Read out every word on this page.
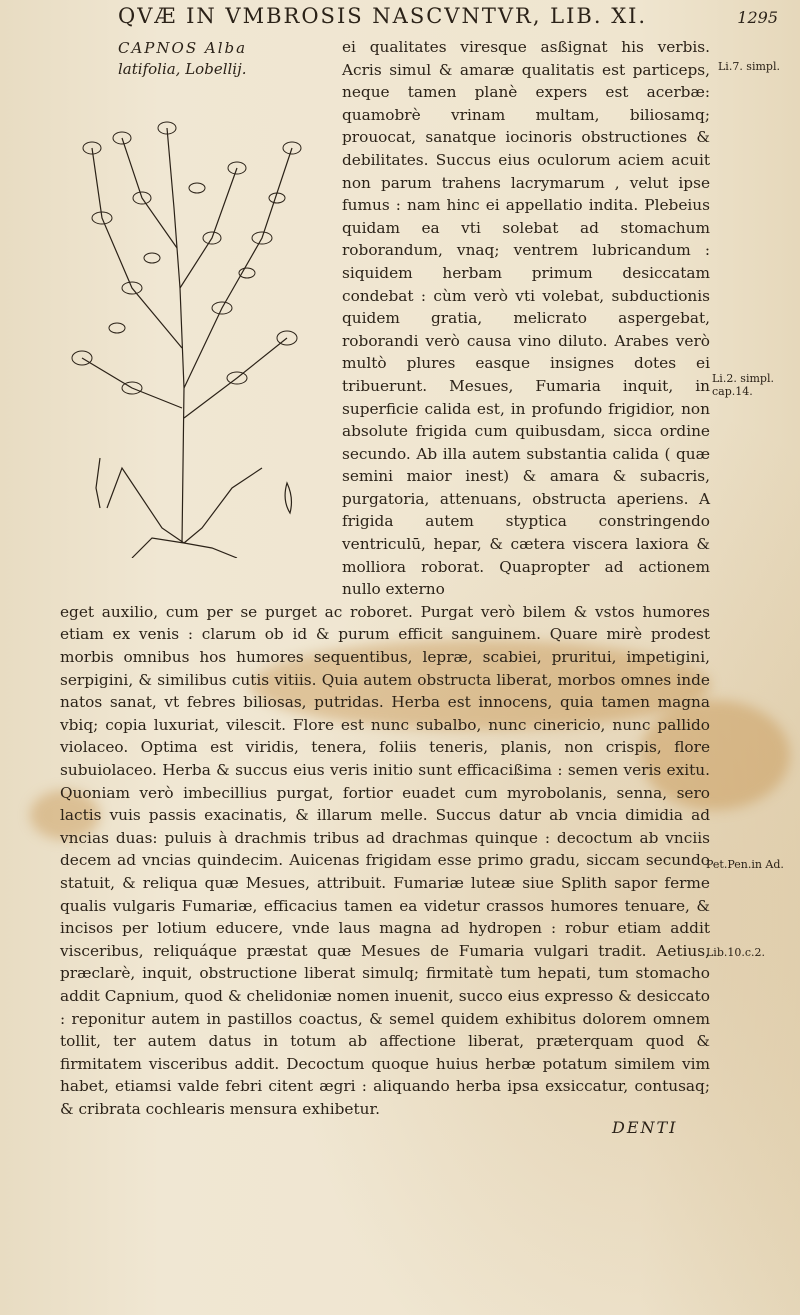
QVÆ IN VMBROSIS NASCVNTVR, LIB. XI.	1295
CAPNOS Alba
latifolia, Lobellij.

ei qualitates viresque asßignat his verbis. Acris simul & amaræ qualitatis est particeps, neque tamen planè expers est acerbæ: quamobrè vrinam multam, biliosamq; prouocat, sanatque iocinoris obstructiones & debilitates. Succus eius oculorum aciem acuit non parum trahens lacrymarum , velut ipse fumus : nam hinc ei appellatio indita. Plebeius quidam ea vti solebat ad stomachum roborandum, vnaq; ventrem lubricandum : siquidem herbam primum desiccatam condebat : cùm verò vti volebat, subductionis quidem gratia, melicrato aspergebat, roborandi verò causa vino diluto. Arabes verò multò plures easque insignes dotes ei tribuerunt. Mesues, Fumaria inquit, in superficie calida est, in profundo frigidior, non absolute frigida cum quibusdam, sicca ordine secundo. Ab illa autem substantia calida ( quæ semini maior inest) & amara & subacris, purgatoria, attenuans, obstructa aperiens. A frigida autem styptica constringendo ventriculū, hepar, & cætera viscera laxiora & molliora roborat. Quapropter ad actionem nullo externo

eget auxilio, cum per se purget ac roboret. Purgat verò bilem & vstos humores etiam ex venis : clarum ob id & purum efficit sanguinem. Quare mirè prodest morbis omnibus hos humores sequentibus, lepræ, scabiei, pruritui, impetigini, serpigini, & similibus cutis vitiis. Quia autem obstructa liberat, morbos omnes inde natos sanat, vt febres biliosas, putridas. Herba est innocens, quia tamen magna vbiq; copia luxuriat, vilescit. Flore est nunc subalbo, nunc cinericio, nunc pallido violaceo. Optima est viridis, tenera, foliis teneris, planis, non crispis, flore subuiolaceo. Herba & succus eius veris initio sunt efficacißima : semen veris exitu. Quoniam verò imbecillius purgat, fortior euadet cum myrobolanis, senna, sero lactis vuis passis exacinatis, & illarum melle. Succus datur ab vncia dimidia ad vncias duas: puluis à drachmis tribus ad drachmas quinque : decoctum ab vnciis decem ad vncias quindecim. Auicenas frigidam esse primo gradu, siccam secundo statuit, & reliqua quæ Mesues, attribuit. Fumariæ luteæ siue Splith sapor ferme qualis vulgaris Fumariæ, efficacius tamen ea videtur crassos humores tenuare, & incisos per lotium educere, vnde laus magna ad hydropen : robur etiam addit visceribus, reliquáque præstat quæ Mesues de Fumaria vulgari tradit. Aetius, præclarè, inquit, obstructione liberat simulq; firmitatè tum hepati, tum stomacho addit Capnium, quod & chelidoniæ nomen inuenit, succo eius expresso & desiccato : reponitur autem in pastillos coactus, & semel quidem exhibitus dolorem omnem tollit, ter autem datus in totum ab affectione liberat, præterquam quod & firmitatem visceribus addit. Decoctum quoque huius herbæ potatum similem vim habet, etiamsi valde febri citent ægri : aliquando herba ipsa exsiccatur, contusaq; & cribrata cochlearis mensura exhibetur.

Li.7. simpl.
Li.2. simpl. cap.14.
Pet.Pen.in Ad.
Lib.10.c.2.
DENTI
